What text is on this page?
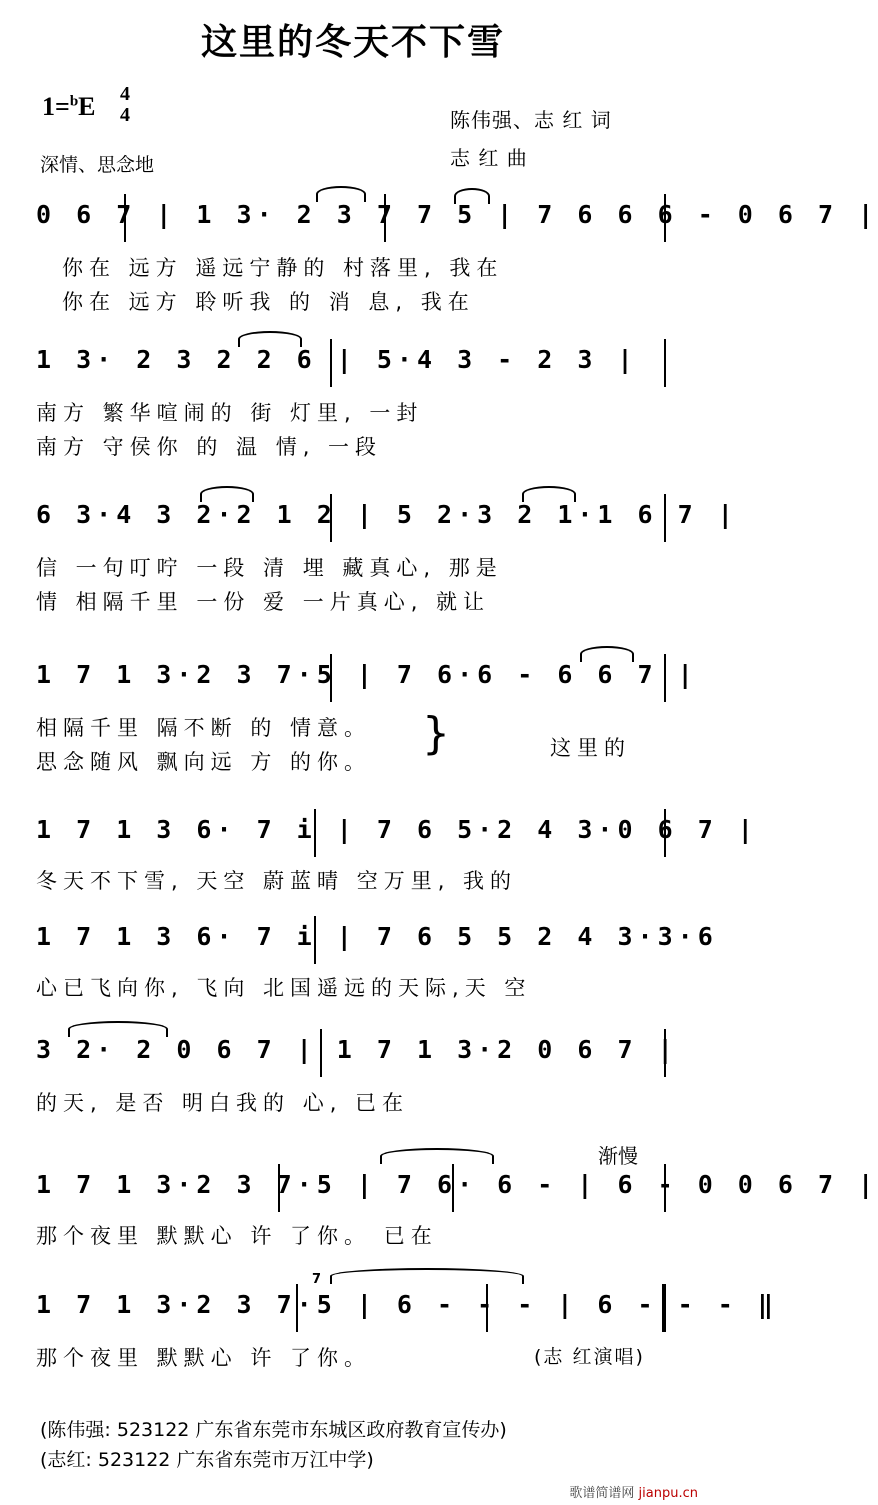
这里的冬天不下雪
1=$^b$E 4
4
深情、思念地
陈伟强、志 红 词
志 红 曲
0 6 7 | 1 3· 2 3 7 7 5 | 7 6 6 6 - 0 6 7 |
你在 远方 遥远宁静的 村落里, 我在
你在 远方 聆听我 的 消 息, 我在
1 3· 2 3 2 2 6 | 5·4 3 - 2 3 |
南方 繁华喧闹的 街 灯里, 一封
南方 守侯你 的 温 情, 一段
6 3·4 3 2·2 1 2 | 5 2·3 2 1·1 6 7 |
信 一句叮咛 一段 清 埋 藏真心, 那是
情 相隔千里 一份 爱 一片真心, 就让
1 7 1 3·2 3 7·5 | 7 6·6 - 6 6 7 |
相隔千里 隔不断 的 情意。
思念随风 飘向远 方 的你。
}	这里的
1 7 1 3 6· 7 i | 7 6 5·2 4 3·0 6 7 |
冬天不下雪, 天空 蔚蓝晴 空万里, 我的
1 7 1 3 6· 7 i | 7 6 5 5 2 4 3·3·6
心已飞向你, 飞向 北国遥远的天际,天 空
3 2· 2 0 6 7 | 1 7 1 3·2 0 6 7 |
的天, 是否 明白我的 心, 已在
渐慢
1 7 1 3·2 3 7·5 | 7 6· 6 - | 6 - 0 0 6 7 |
那个夜里 默默心 许 了你。 已在
7
1 7 1 3·2 3 7·5 | 6 - - - | 6 - - - ‖
那个夜里 默默心 许 了你。	(志 红演唱)
(陈伟强: 523122 广东省东莞市东城区政府教育宣传办)
(志红: 523122 广东省东莞市万江中学)
歌谱简谱网 jianpu.cn
